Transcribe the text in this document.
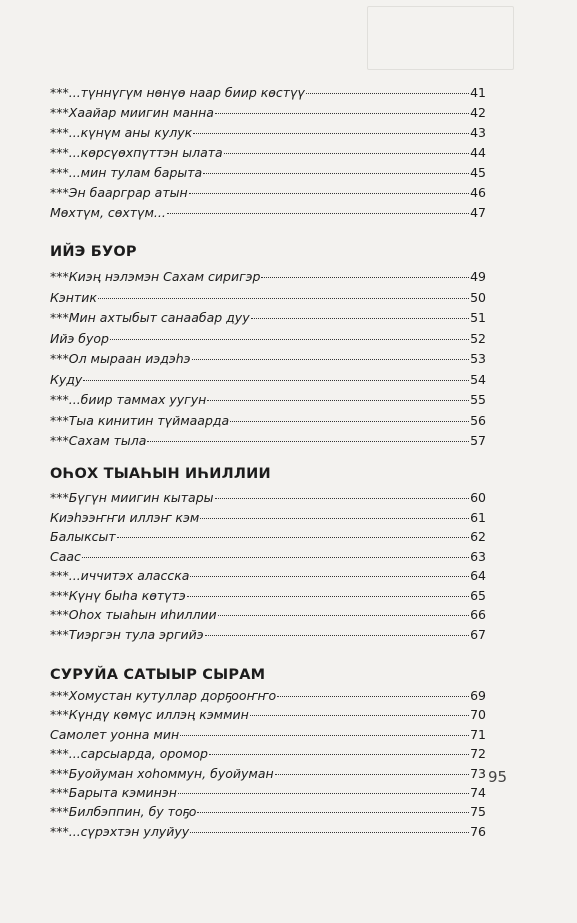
***...түннүгүм нөнүө наар биир көстүү	41
***Хаайар миигин манна	42
***...күнүм аны кулук	43
***...көрсүөхпүттэн ылата	44
***...мин тулам барыта	45
***Эн баарграр атын	46
Мөхтүм, сөхтүм...	47
ИЙЭ БУОР
***Киэң нэлэмэн Сахам сиригэр	49
Кэнтик	50
***Мин ахтыбыт санаабар дуу	51
Ийэ буор	52
***Ол мыраан иэдэһэ	53
Куду	54
***...биир таммах уугун	55
***Тыа кинитин түймаарда	56
***Сахам тыла	57
ОҺОХ ТЫАҺЫН ИҺИЛЛИИ
***Бүгүн миигин кытары	60
Киэһээҥҥи иллэҥ кэм	61
Балыксыт	62
Саас	63
***...иччитэх аласска	64
***Күнү быһа көтүтэ	65
***Оһох тыаһын иһиллии	66
***Тиэргэн тула эргийэ	67
СУРУЙА САТЫЫР СЫРАМ
***Хомустан кутуллар дорҕооҥҥо	69
***Күндү көмүс иллэң кэммин	70
Самолет уонна мин	71
***...сарсыарда, оромор	72
***Буойуман хоһоммун, буойуман	73
***Барыта кэминэн	74
***Билбэппин, бу тоҕо	75
***...сүрэхтэн улуйуу	76
95
